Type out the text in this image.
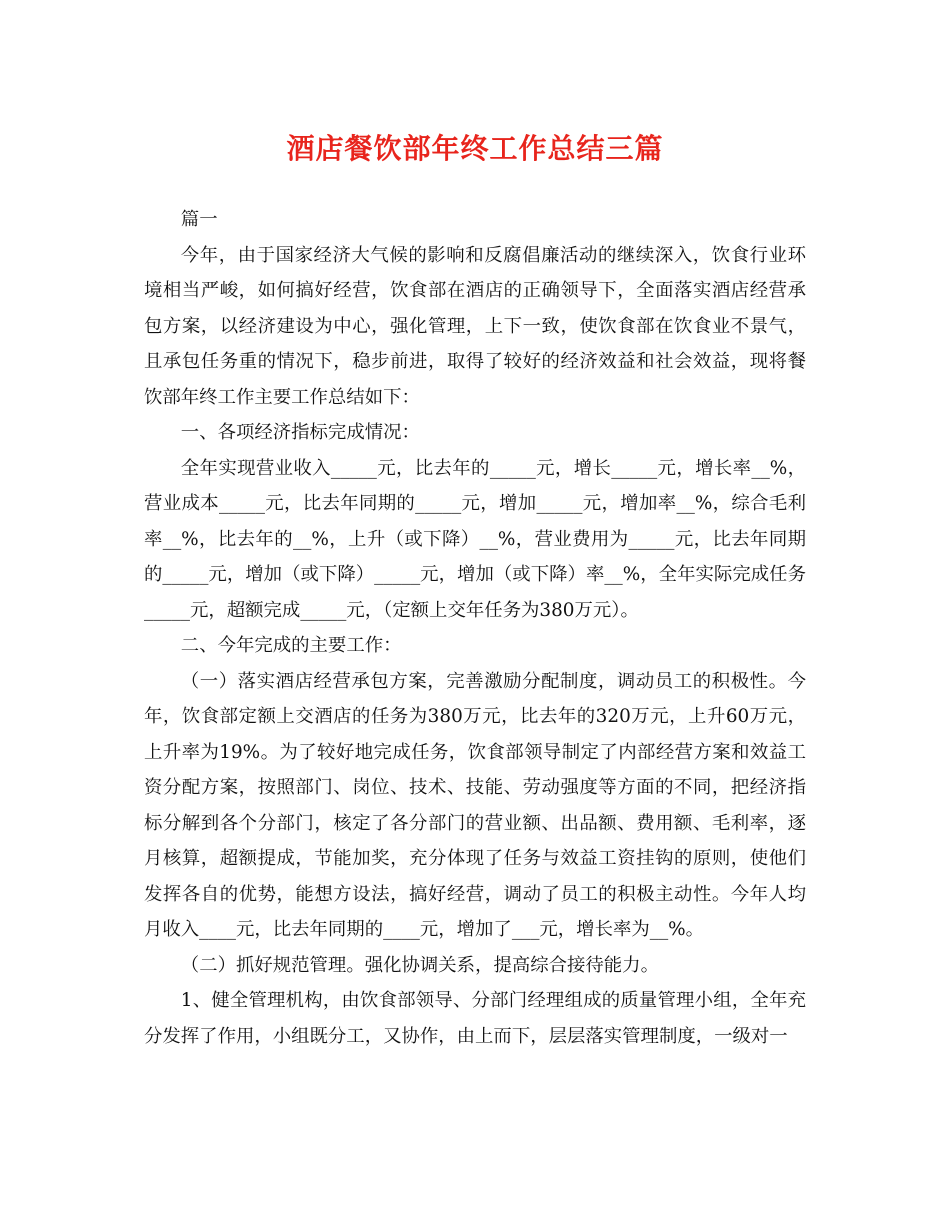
酒店餐饮部年终工作总结三篇

篇一

今年，由于国家经济大气候的影响和反腐倡廉活动的继续深入，饮食行业环境相当严峻，如何搞好经营，饮食部在酒店的正确领导下，全面落实酒店经营承包方案，以经济建设为中心，强化管理，上下一致，使饮食部在饮食业不景气，且承包任务重的情况下，稳步前进，取得了较好的经济效益和社会效益，现将餐饮部年终工作主要工作总结如下：

一、各项经济指标完成情况：

全年实现营业收入_____元，比去年的_____元，增长_____元，增长率__%，营业成本_____元，比去年同期的_____元，增加_____元，增加率__%，综合毛利率__%，比去年的__%，上升（或下降）__%，营业费用为_____元，比去年同期的_____元，增加（或下降）_____元，增加（或下降）率__%，全年实际完成任务_____元，超额完成_____元，（定额上交年任务为380万元）。

二、今年完成的主要工作：

（一）落实酒店经营承包方案，完善激励分配制度，调动员工的积极性。今年，饮食部定额上交酒店的任务为380万元，比去年的320万元，上升60万元，上升率为19%。为了较好地完成任务，饮食部领导制定了内部经营方案和效益工资分配方案，按照部门、岗位、技术、技能、劳动强度等方面的不同，把经济指标分解到各个分部门，核定了各分部门的营业额、出品额、费用额、毛利率，逐月核算，超额提成，节能加奖，充分体现了任务与效益工资挂钩的原则，使他们发挥各自的优势，能想方设法，搞好经营，调动了员工的积极主动性。今年人均月收入____元，比去年同期的____元，增加了___元，增长率为__%。

（二）抓好规范管理。强化协调关系，提高综合接待能力。

1、健全管理机构，由饮食部领导、分部门经理组成的质量管理小组，全年充分发挥了作用，小组既分工，又协作，由上而下，层层落实管理制度，一级对一
